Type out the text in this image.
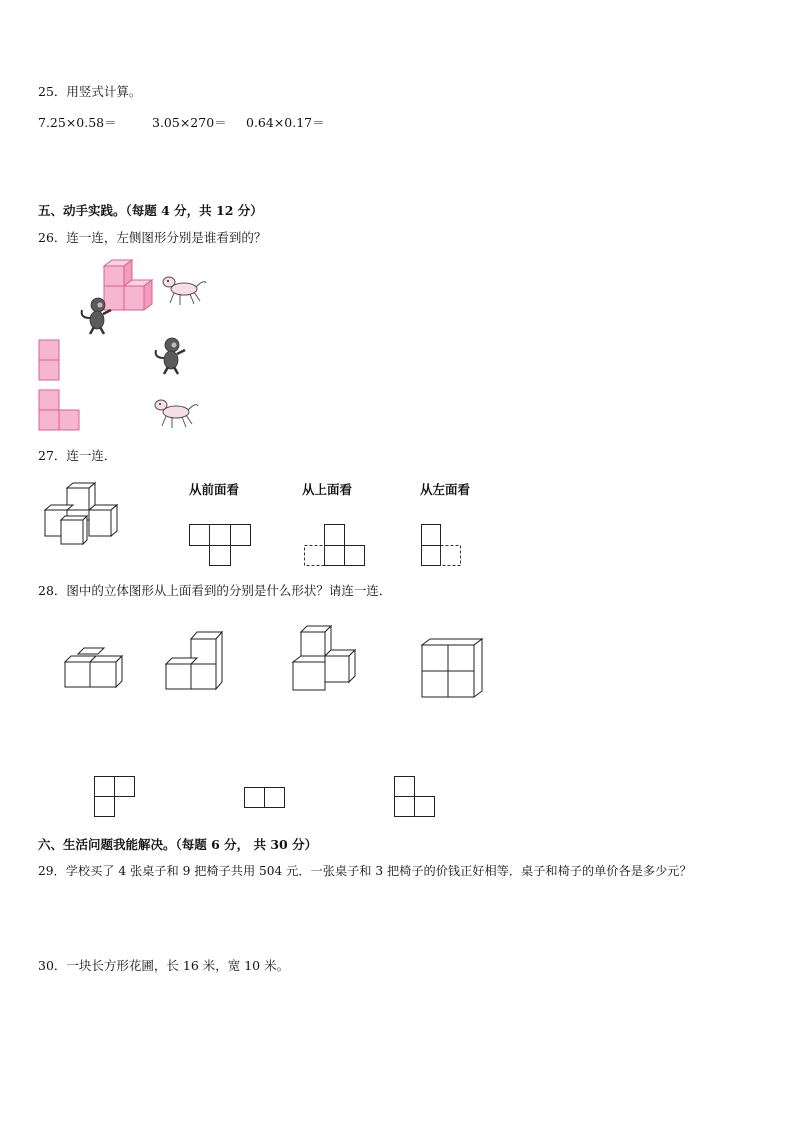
25．用竖式计算。
7.25×0.58＝	3.05×270＝ 0.64×0.17＝
五、动手实践。（每题 4 分，共 12 分）
26．连一连，左侧图形分别是谁看到的？
27．连一连．
从前面看	从上面看	从左面看
28．图中的立体图形从上面看到的分别是什么形状？请连一连．
六、生活问题我能解决。（每题 6 分， 共 30 分）
29．学校买了 4 张桌子和 9 把椅子共用 504 元．一张桌子和 3 把椅子的价钱正好相等．桌子和椅子的单价各是多少元？
30．一块长方形花圃，长 16 米，宽 10 米。
